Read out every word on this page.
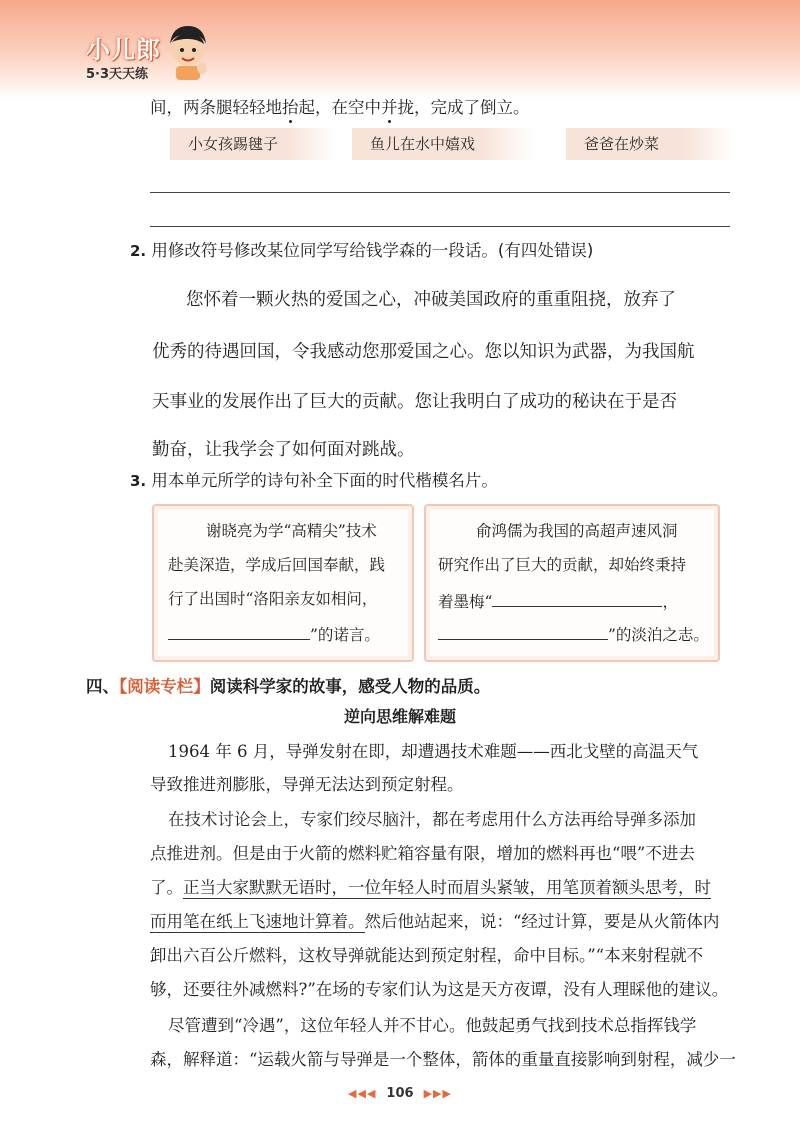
小儿郎
5·3天天练
间，两条腿轻轻地抬起，在空中并拢，完成了倒立。
小女孩踢毽子	鱼儿在水中嬉戏	爸爸在炒菜
2. 用修改符号修改某位同学写给钱学森的一段话。(有四处错误)
您怀着一颗火热的爱国之心，冲破美国政府的重重阻挠，放弃了
优秀的待遇回国，令我感动您那爱国之心。您以知识为武器，为我国航
天事业的发展作出了巨大的贡献。您让我明白了成功的秘诀在于是否
勤奋，让我学会了如何面对跳战。
3. 用本单元所学的诗句补全下面的时代楷模名片。
谢晓亮为学“高精尖”技术
赴美深造，学成后回国奉献，践
行了出国时“洛阳亲友如相问，
”的诺言。
俞鸿儒为我国的高超声速风洞
研究作出了巨大的贡献，却始终秉持
着墨梅“	，
”的淡泊之志。
四、【阅读专栏】阅读科学家的故事，感受人物的品质。
逆向思维解难题
1964 年 6 月，导弹发射在即，却遭遇技术难题——西北戈壁的高温天气
导致推进剂膨胀，导弹无法达到预定射程。
在技术讨论会上，专家们绞尽脑汁，都在考虑用什么方法再给导弹多添加
点推进剂。但是由于火箭的燃料贮箱容量有限，增加的燃料再也“喂”不进去
了。正当大家默默无语时，一位年轻人时而眉头紧皱，用笔顶着额头思考，时
而用笔在纸上飞速地计算着。然后他站起来，说：“经过计算，要是从火箭体内
卸出六百公斤燃料，这枚导弹就能达到预定射程，命中目标。”“本来射程就不
够，还要往外减燃料?”在场的专家们认为这是天方夜谭，没有人理睬他的建议。
尽管遭到“冷遇”，这位年轻人并不甘心。他鼓起勇气找到技术总指挥钱学
森，解释道：“运载火箭与导弹是一个整体，箭体的重量直接影响到射程，减少一
◀◀◀ 106 ▶▶▶
